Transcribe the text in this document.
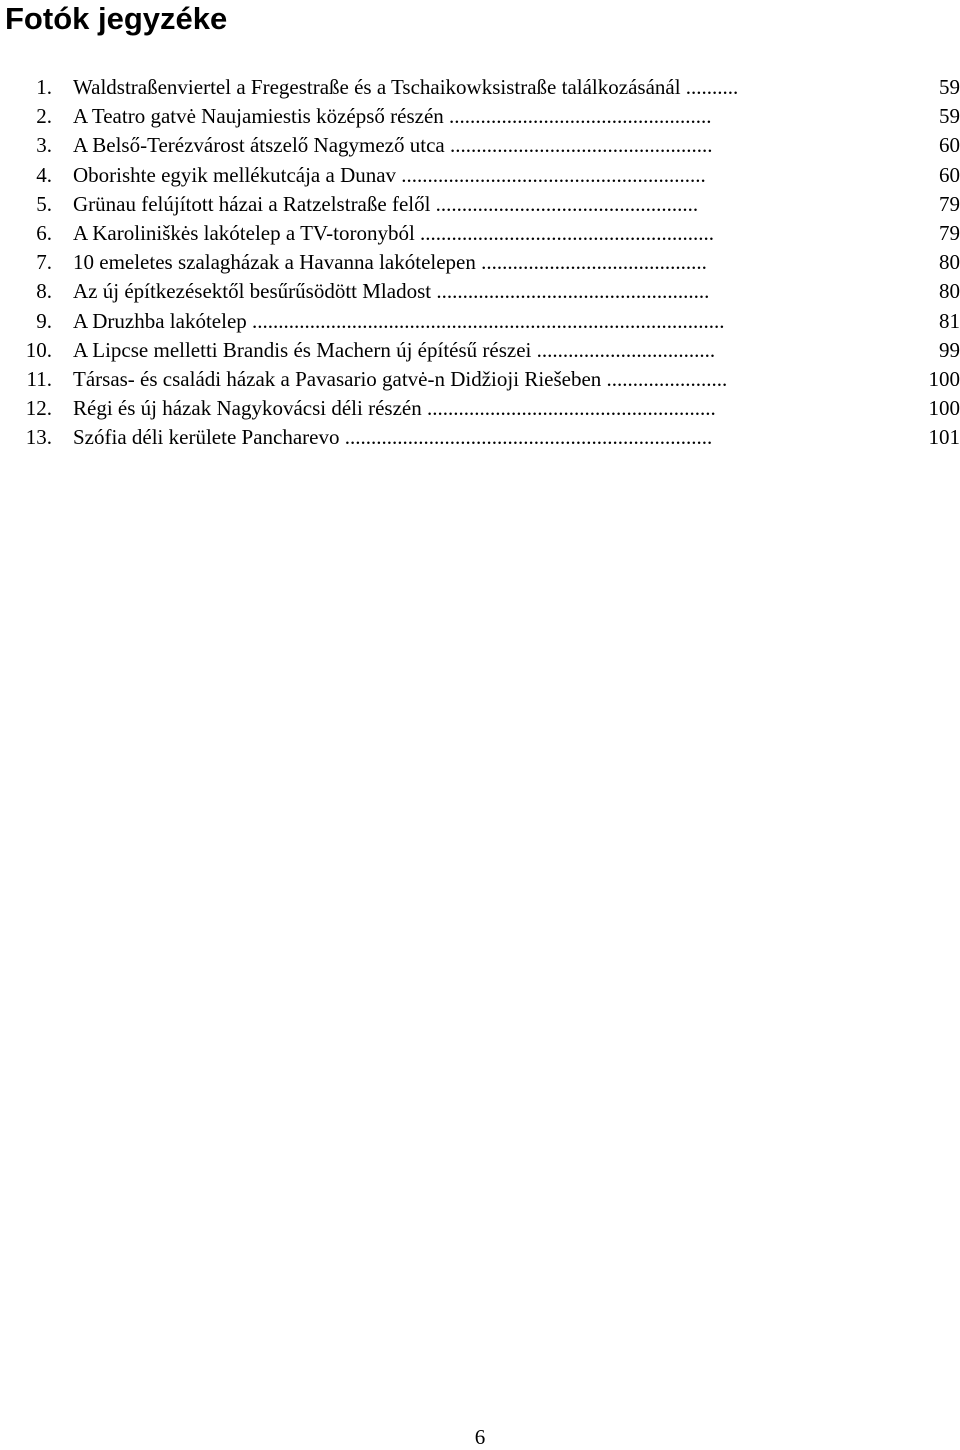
Fotók jegyzéke
1. Waldstraßenviertel a Fregestraße és a Tschaikowksistraße találkozásánál ..........	59
2. A Teatro gatvė Naujamiestis középső részén ..................................................	59
3. A Belső-Terézvárost átszelő Nagymező utca ..................................................	60
4. Oborishte egyik mellékutcája a Dunav ..........................................................	60
5. Grünau felújított házai a Ratzelstraße felől ..................................................	79
6. A Karoliniškės lakótelep a TV-toronyból ........................................................	79
7. 10 emeletes szalagházak a Havanna lakótelepen ...........................................	80
8. Az új építkezésektől besűrűsödött Mladost ....................................................	80
9. A Druzhba lakótelep ..........................................................................................	81
10. A Lipcse melletti Brandis és Machern új építésű részei ..................................	99
11. Társas- és családi házak a Pavasario gatvė-n Didžioji Riešeben .......................	100
12. Régi és új házak Nagykovácsi déli részén .......................................................	100
13. Szófia déli kerülete Pancharevo ......................................................................	101
6
